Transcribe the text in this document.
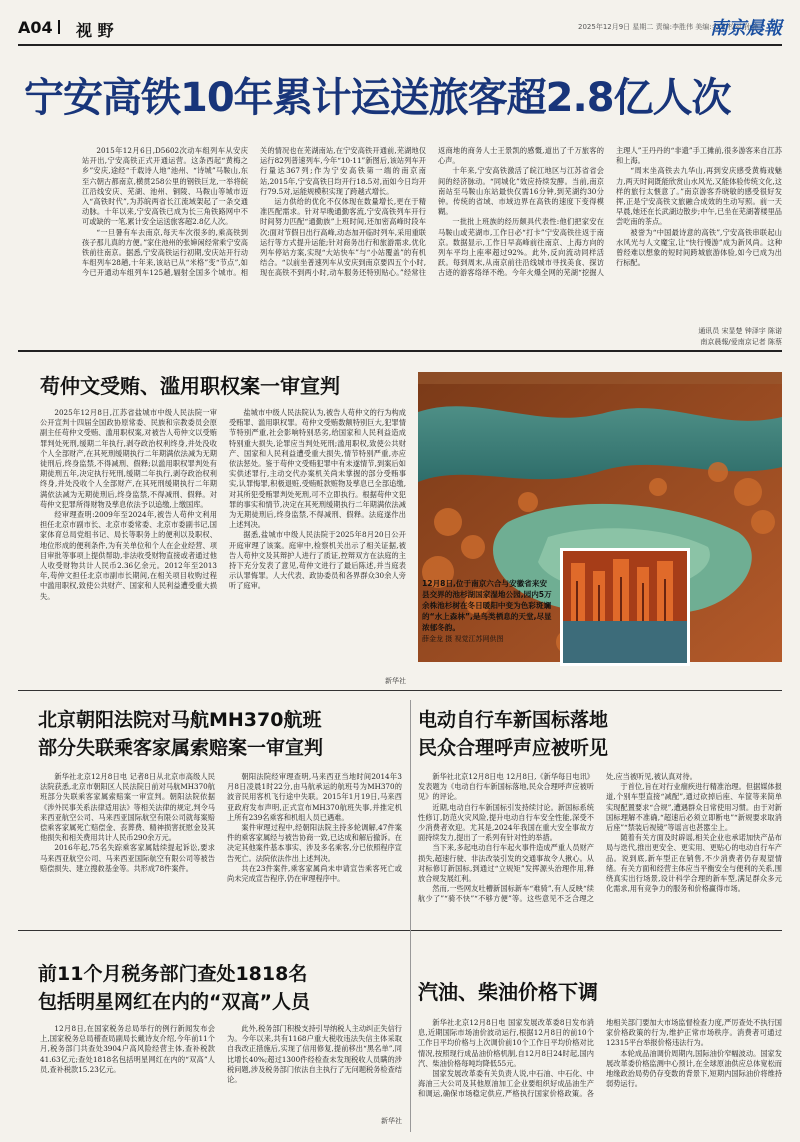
A04 视 野	2025年12月9日 星期二 责编:李胜伟 美编:金荣 校对:孙静
南京晨報
宁安高铁10年累计运送旅客超2.8亿人次

2015年12月6日,D5602次动车组列车从安庆站开出,宁安高铁正式开通运营。这条西起“黄梅之乡”安庆,途经“千载诗人地”池州、“诗城”马鞍山,东至六朝古都南京,横贯258公里的钢铁巨龙,一举将皖江沿线安庆、芜湖、池州、铜陵、马鞍山等城市迈入“高铁时代”,为苏皖两省长江流域架起了一条交通动脉。十年以来,宁安高铁已成为长三角铁路网中不可或缺的一笔,累计安全运送旅客超2.8亿人次。

“一旦暑有车去南京,每天车次很多的,乘高铁到孩子那儿真的方便。”家住池州的张婶闲经常乘宁安高铁前往南京。据悉,宁安高铁运行初期,安庆站开行动车组列车28趟,十年来,该站已从“米格”变“节点”,如今已开通动车组列车125趟,辐射全国多个城市。相关的情况也在芜湖南站,在宁安高铁开通前,芜湖地仅运行82列普速列车,今年“10·11”新图后,该站列车开行量达367列;作为宁安高铁第一端的南京南站,2015年,宁安高铁日均开行18.5对,而如今日均开行79.5对,运能规模积实现了跨越式增长。

运力供给的优化不仅体现在数量增长,更在于精准匹配需求。针对早晚通勤客流,宁安高铁列车开行时间努力匹配“通勤族”上班时间,还加密高峰时段车次;面对节假日出行高峰,动态加开临时列车,采用重联运行等方式提升运能;针对商务出行和旅游需求,优化列车停站方案,实现“大站快车”与“小站覆盖”的有机结合。“以前坐普速列车从安庆到南京要四五个小时,现在高铁不到两小时,动车服务还特别贴心。”经常往返商地的商务人士王景凯的感慨,道出了千万旅客的心声。

十年来,宁安高铁激活了皖江地区与江苏省省会间的经济脉动。“同城化”效应持续发酵。当前,南京南站至马鞍山东站最快仅需16分钟,到芜湖约30分钟。传统的省域、市域边界在高铁的速度下变得模糊。

一批批上班族的经历颇具代表性:他们把家安在马鞍山或芜湖市,工作日必“打卡”宁安高铁往返于南京。数据显示,工作日早高峰前往南京、上海方向的列车平均上座率超过92%。此外,反向流动同样活跃。每到周末,从南京前往沿线城市寻找美食、探访古迹的游客络绎不绝。今年火爆全网的芜湖“挖掘人主理人”王丹丹的“非遗”手工摊前,很多游客来自江苏和上海。

“周末坐高铁去九华山,再到安庆感受黄梅戏魅力,两天时间既能欣赏山水风光,又能体验传统文化,这样的旅行太惬意了。”南京游客乔晓敏的感受很好发挥,正是宁安高铁文旅融合成效的生动写照。前一天早晨,她还在长武湖边散步;中午,已坐在芜湖著楼里品尝吃南的茶点。

被誉为“中国最诗意的高铁”,宁安高铁串联起山水风光与人文魔宝,让“快行慢游”成为新风尚。这种曾经难以想象的短时间跨城旅游体验,如今已成为出行标配。

通讯员 宋显楚 钟泽宇 陈诺
南京晨報/爱南京记者 陈蔡
苟仲文受贿、滥用职权案一审宣判

2025年12月8日,江苏省盐城市中级人民法院一审公开宣判十四届全国政协原常委、民族和宗教委员会原副主任苟仲文受贿、滥用职权案,对被告人苟仲文以受贿罪判处死刑,缓期二年执行,剥夺政治权利终身,并处没收个人全部财产,在其死刑缓期执行二年期满依法减为无期徒刑后,终身监禁,不得减刑、假释;以滥用职权罪判处有期徒刑五年,决定执行死刑,缓期二年执行,剥夺政治权利终身,并处没收个人全部财产,在其死刑缓期执行二年期满依法减为无期徒刑后,终身监禁,不得减刑、假释。对苟仲文犯罪所得财物及孳息依法予以追缴,上缴国库。

经审理查明:2009年至2024年,被告人苟仲文利用担任北京市副市长、北京市委常委、北京市委副书记,国家体育总局党组书记、局长等职务上的便利以及职权、地位形成的便利条件,为有关单位和个人在企业经营、项目审批等事项上提供帮助,非法收受财物直接或者通过他人收受财物共计人民币2.36亿余元。2012年至2013年,苟仲文担任北京市副市长期间,在相关项目收购过程中滥用职权,致使公共财产、国家和人民利益遭受重大损失。

盐城市中级人民法院认为,被告人苟仲文的行为构成受贿罪、滥用职权罪。苟仲文受贿数额特别巨大,犯罪情节特别严重,社会影响特别恶劣,给国家和人民利益造成特别重大损失,论罪应当判处死刑;滥用职权,致使公共财产、国家和人民利益遭受重大损失,情节特别严重,亦应依法惩处。鉴于苟仲文受贿犯罪中有未遂情节,到案后如实供述罪行,主动交代办案机关尚未掌握的部分受贿事实,认罪悔罪,积极退赃,受贿赃款赃物及孳息已全部追缴,对其所犯受贿罪判处死刑,可不立即执行。根据苟仲文犯罪的事实和情节,决定在其死刑缓期执行二年期满依法减为无期徒刑后,终身监禁,不得减刑、假释。法庭遂作出上述判决。

据悉,盐城市中级人民法院于2025年8月20日公开开庭审理了该案。庭审中,检察机关出示了相关证据,被告人苟仲文及其辩护人进行了质证,控辩双方在法庭的主持下充分发表了意见,苟仲文进行了最后陈述,并当庭表示认罪悔罪。人大代表、政协委员和各界群众30余人旁听了庭审。

新华社
12月8日,位于南京六合与安徽省来安县交界的池杉湖国家湿地公园,园内5万余株池杉树在冬日暖阳中变为色彩斑斓的“水上森林”,是鸟类栖息的天堂,尽显浓郁冬韵。
薛金龙 摄 视觉江苏网供图
北京朝阳法院对马航MH370航班
部分失联乘客家属索赔案一审宣判

新华社北京12月8日电 记者8日从北京市高级人民法院获悉,北京市朝阳区人民法院日前对马航MH370航班部分失联乘客家属索赔案一审宣判。朝阳法院依据《涉外民事关系法律适用法》等相关法律的规定,判令马来西亚航空公司、马来西亚国际航空有限公司就每案赔偿乘客家属死亡赔偿金、丧葬费、精神损害抚慰金及其他损失和相关费用共计人民币290余万元。

2016年起,75名失踪乘客家属陆续提起诉讼,要求马来西亚航空公司、马来西亚国际航空有限公司等被告赔偿损失、建立搜救基金等。共形成78件案件。

朝阳法院经审理查明,马来西亚当地时间2014年3月8日凌晨1时22分,由马航承运的航班号为MH370的波音民用客机飞行途中失联。2015年1月19日,马来西亚政府发布声明,正式宣布MH370航班失事,并推定机上所有239名乘客和机组人员已遇难。

案件审理过程中,经朝阳法院主持多轮调解,47件案件的乘客家属经与被告协商一致,已达成和解后撤诉。在决定其他案件基本事实、涉及多名乘客,分已依照程序宣告死亡。法院依法作出上述判决。

共在23件案件,乘客家属尚未申请宣告乘客死亡或尚未完成宣告程序,仍在审理程序中。

电动自行车新国标落地
民众合理呼声应被听见

新华社北京12月8日电 12月8日,《新华每日电讯》发表题为《电动自行车新国标落地,民众合理呼声应被听见》的评论。

近期,电动自行车新国标引发持续讨论。新国标系统性修订,防范火灾风险,提升电动自行车安全性能,深受不少消费者欢迎。尤其是,2024年我国在重大安全事故方面持续发力,提出了一系列有针对性的举措。

当下来,多起电动自行车起火事件造成严重人员财产损失,超速行驶、非法改装引发的交通事故令人揪心。从对标修订新国标,到通过“立规矩”发挥源头治理作用,释放合规发展红利。

然而,一些网友吐槽新国标新车“难骑”,有人反映“续航少了”“骑不快”“不够方便”等。这些意见不乏合理之处,应当被听见,被认真对待。

于首位,旨在对行业痼疾进行精准治理。但据媒体报道,个别车型直接“减配”,通过砍掉后座、车筐等来简单实现配置要求“合规”,遭遇群众日常使用习惯。由于对新国标理解不准确,“超速后必须立即断电”“新规要求取消后座”“禁装后视镜”等谣言也甚嚣尘上。

随着有关方面及时辟谣,相关企业也承诺加快产品布局与迭代,推出更安全、更实用、更贴心的电动自行车产品。说到底,新车型正在销售,不少消费者仍存观望情绪。有关方面和经营主体应当平衡安全与便利的关系,围绕真实出行场景,设计科学合理的新车型,满足群众多元化需求,用有竞争力的服务和价格赢得市场。

前11个月税务部门查处1818名
包括明星网红在内的“双高”人员

12月8日,在国家税务总局举行的例行新闻发布会上,国家税务总局稽查局副局长戴诗友介绍,今年前11个月,税务部门共查处3904户高风险经营主体,查补税款41.63亿元;查处1818名包括明星网红在内的“双高”人员,查补税款15.23亿元。

此外,税务部门积极支持引导纳税人主动纠正失信行为。今年以来,共有1168户重大税收违法失信主体采取自我改正措施后,实现了信用修复,提前移出“黑名单”,同比增长40%;超过1300件经检查未发现税收人员瞒的涉税问题,涉及税务部门依法自主执行了无问题税务检查结论。

新华社
汽油、柴油价格下调

新华社北京12月8日电 国家发展改革委8日发布消息,近期国际市场油价波动运行,根据12月8日的前10个工作日平均价格与上次调价前10个工作日平均价格对比情况,按照现行成品油价格机制,自12月8日24时起,国内汽、柴油价格每吨均降低55元。

国家发展改革委有关负责人说,中石油、中石化、中海油三大公司及其他原油加工企业要组织好成品油生产和调运,确保市场稳定供应,严格执行国家价格政策。各地相关部门要加大市场监督检查力度,严厉查处不执行国家价格政策的行为,维护正常市场秩序。消费者可通过12315平台举报价格违法行为。

本轮成品油调价周期内,国际油价窄幅波动。国家发展改革委价格监测中心预计,在全球原油供应总体宽松而地缘政治局势仍存变数的背景下,短期内国际油价将维持弱势运行。
